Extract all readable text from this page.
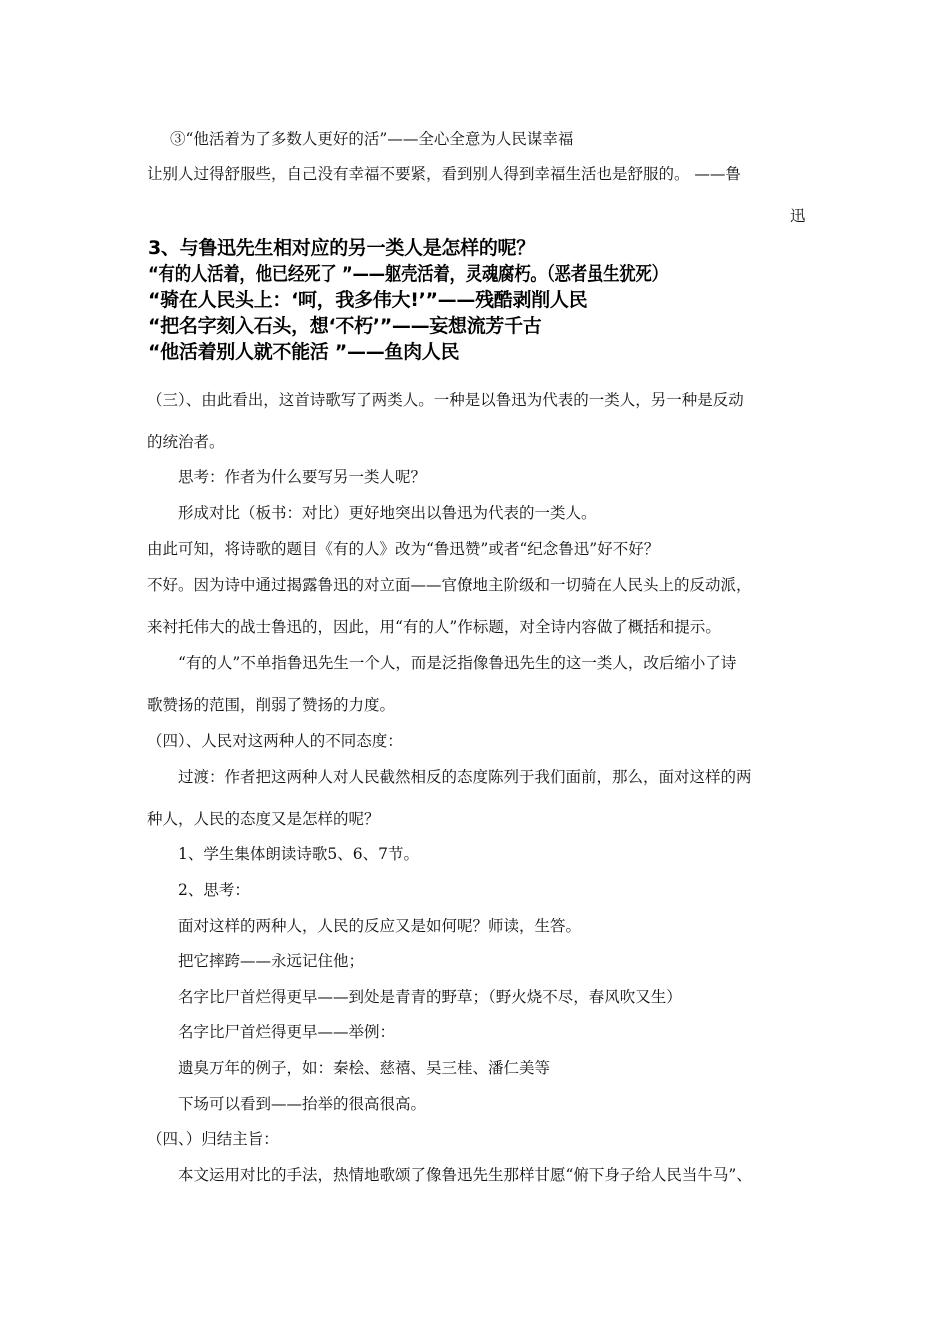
③“他活着为了多数人更好的活”——全心全意为人民谋幸福
让别人过得舒服些，自己没有幸福不要紧，看到别人得到幸福生活也是舒服的。 ——鲁
迅
3、与鲁迅先生相对应的另一类人是怎样的呢？
“有的人活着，他已经死了 ”——躯壳活着，灵魂腐朽。（恶者虽生犹死）
“骑在人民头上：‘呵，我多伟大!’”——残酷剥削人民
“把名字刻入石头，想‘不朽’”——妄想流芳千古
“他活着别人就不能活 ”——鱼肉人民
（三）、由此看出，这首诗歌写了两类人。一种是以鲁迅为代表的一类人，另一种是反动
的统治者。
思考：作者为什么要写另一类人呢？
形成对比（板书：对比）更好地突出以鲁迅为代表的一类人。
由此可知，将诗歌的题目《有的人》改为“鲁迅赞”或者“纪念鲁迅”好不好？
不好。因为诗中通过揭露鲁迅的对立面——官僚地主阶级和一切骑在人民头上的反动派，
来衬托伟大的战士鲁迅的，因此，用“有的人”作标题，对全诗内容做了概括和提示。
“有的人”不单指鲁迅先生一个人，而是泛指像鲁迅先生的这一类人，改后缩小了诗
歌赞扬的范围，削弱了赞扬的力度。
（四）、人民对这两种人的不同态度：
过渡：作者把这两种人对人民截然相反的态度陈列于我们面前，那么，面对这样的两
种人，人民的态度又是怎样的呢？
1、学生集体朗读诗歌5、6、7节。
2、思考：
面对这样的两种人，人民的反应又是如何呢？师读，生答。
把它摔跨——永远记住他；
名字比尸首烂得更早——到处是青青的野草；（野火烧不尽，春风吹又生）
名字比尸首烂得更早——举例：
遗臭万年的例子，如：秦桧、慈禧、吴三桂、潘仁美等
下场可以看到——抬举的很高很高。
（四、）归结主旨：
本文运用对比的手法，热情地歌颂了像鲁迅先生那样甘愿“俯下身子给人民当牛马”、
